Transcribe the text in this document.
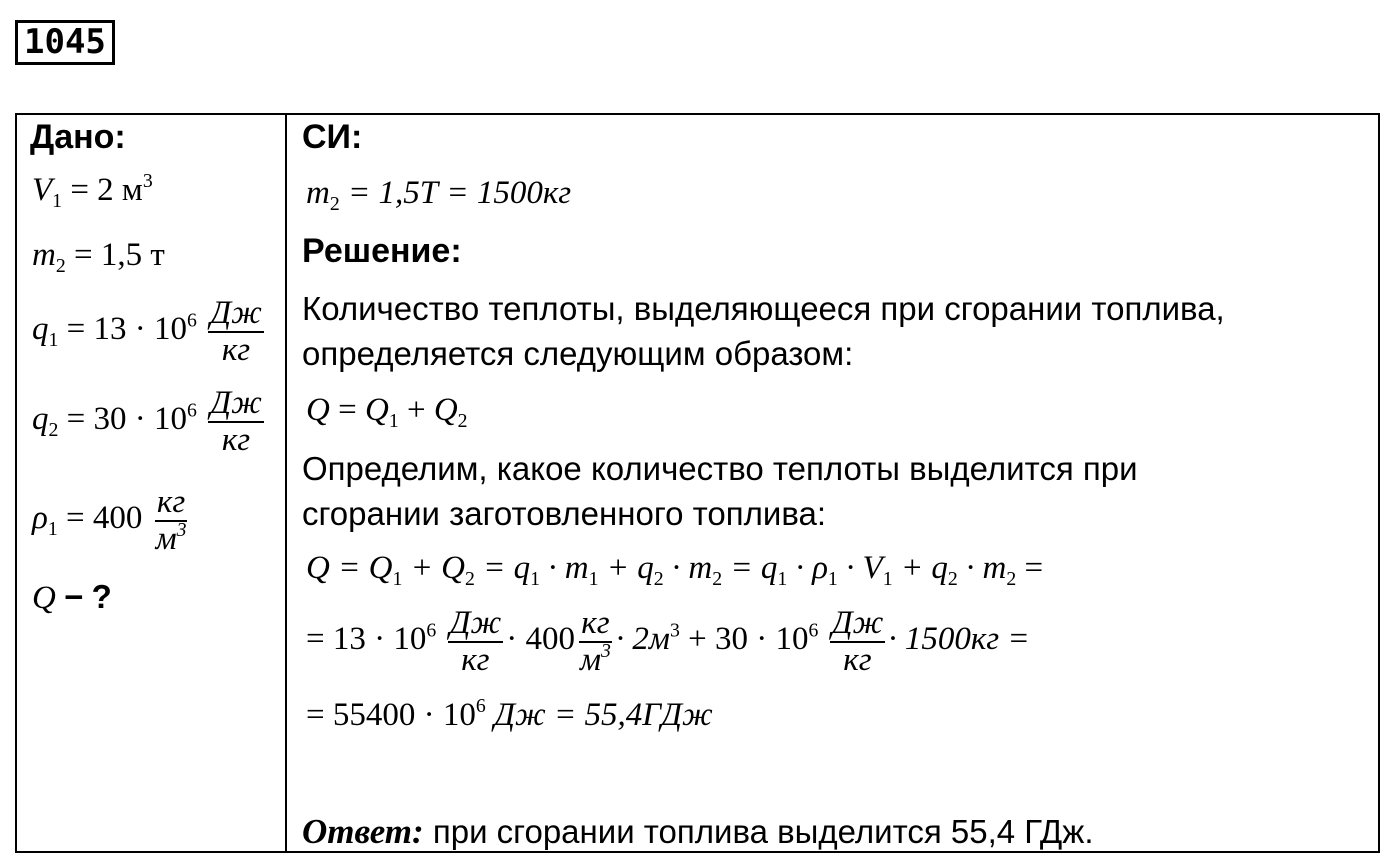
1045
Дано:
$V_1 = 2$ $м^3$
$m_2 = 1,5$ т
$q_1 = 13 \cdot 10^6 \frac{Дж}{кг}$
$q_2 = 30 \cdot 10^6 \frac{Дж}{кг}$
$\rho_1 = 400 \frac{кг}{м^3}$
Q − ?
СИ:
$m_2 = 1,5Т = 1500кг$
Решение:
Количество теплоты, выделяющееся при сгорании топлива,
определяется следующим образом:
$Q = Q_1 + Q_2$
Определим, какое количество теплоты выделится при
сгорании заготовленного топлива:
$Q = Q_1 + Q_2 = q_1 \cdot m_1 + q_2 \cdot m_2 = q_1 \cdot \rho_1 \cdot V_1 + q_2 \cdot m_2$ =
= $13 \cdot 10^6 \frac{Дж}{кг} \cdot 400 \frac{кг}{м^3} \cdot 2м^3 + 30 \cdot 10^6 \frac{Дж}{кг} \cdot 1500кг$ =
= $55400 \cdot 10^6$ Дж = 55,4ГДж
Ответ: при сгорании топлива выделится 55,4 ГДж.
